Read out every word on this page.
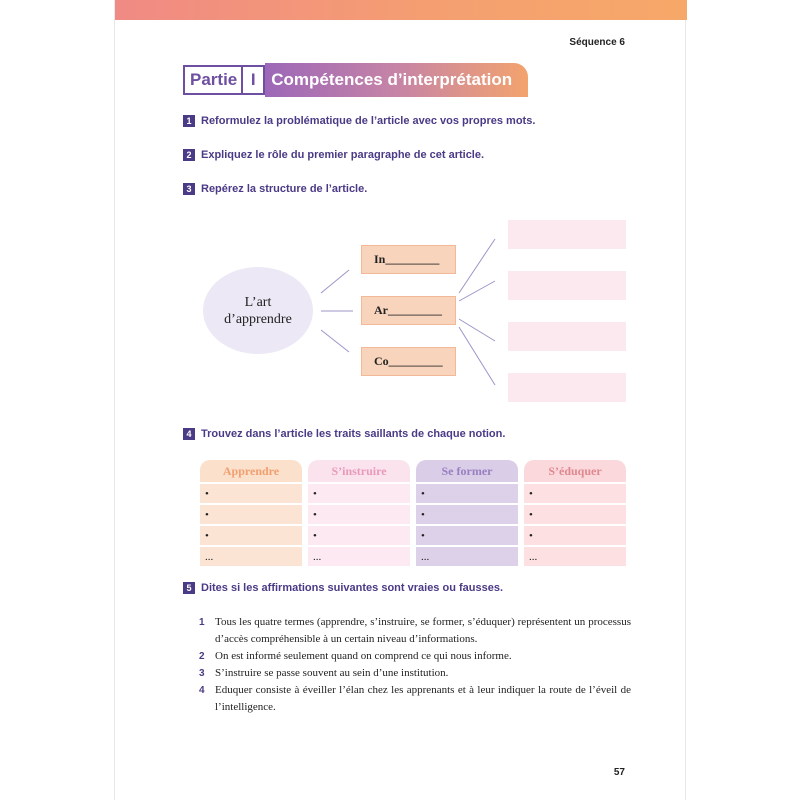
Séquence 6
Partie I Compétences d’interprétation
1 Reformulez la problématique de l’article avec vos propres mots.
2 Expliquez le rôle du premier paragraphe de cet article.
3 Repérez la structure de l’article.
L’art
d’apprendre
In_________
Ar_________
Co_________
4 Trouvez dans l’article les traits saillants de chaque notion.
Apprendre
•
•
•
...
S’instruire
•
•
•
...
Se former
•
•
•
...
S’éduquer
•
•
•
...
5 Dites si les affirmations suivantes sont vraies ou fausses.
1 Tous les quatre termes (apprendre, s’instruire, se former, s’éduquer) représentent un processus d’accès compréhensible à un certain niveau d’informations.
2 On est informé seulement quand on comprend ce qui nous informe.
3 S’instruire se passe souvent au sein d’une institution.
4 Eduquer consiste à éveiller l’élan chez les apprenants et à leur indiquer la route de l’éveil de l’intelligence.
57
